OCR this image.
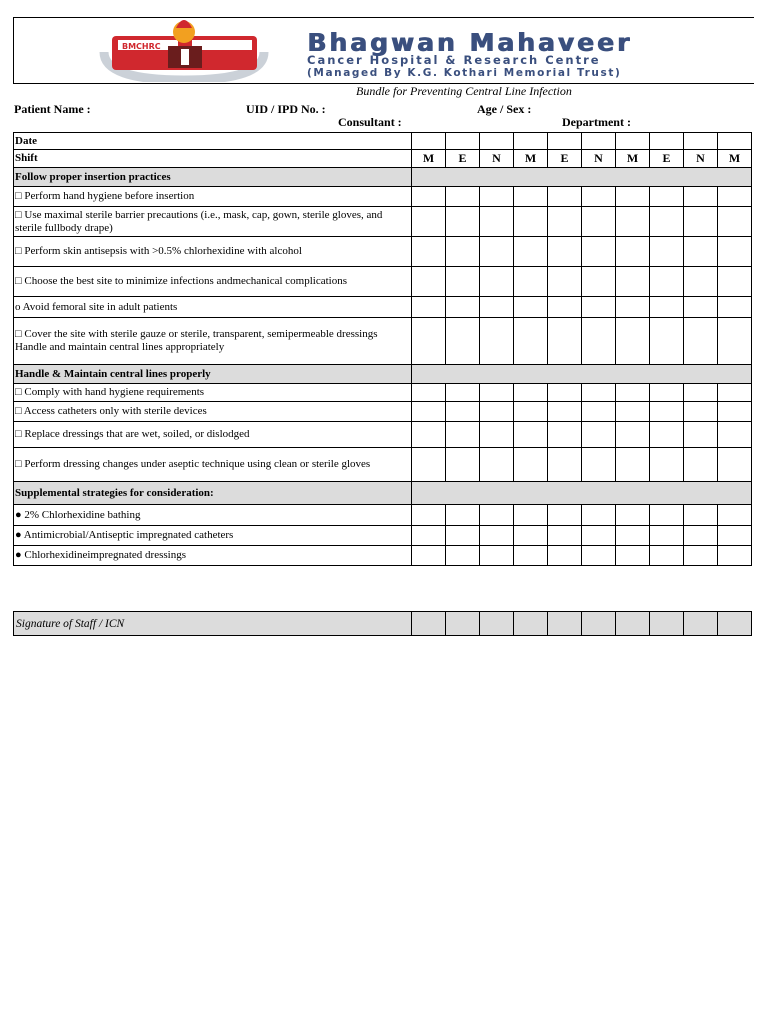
BMCHRC	Bhagwan Mahaveer
Cancer Hospital & Research Centre
(Managed By K.G. Kothari Memorial Trust)
Bundle for Preventing Central Line Infection
Patient Name :	UID / IPD No. :	Age / Sex :
Consultant :	Department :
Date										
Shift	M	E	N	M	E	N	M	E	N	M
Follow proper insertion practices										
□ Perform hand hygiene before insertion										
□ Use maximal sterile barrier precautions (i.e., mask, cap, gown, sterile gloves, and sterile fullbody drape)										
□ Perform skin antisepsis with >0.5% chlorhexidine with alcohol										
□ Choose the best site to minimize infections andmechanical complications										
o Avoid femoral site in adult patients										
□ Cover the site with sterile gauze or sterile, transparent, semipermeable dressings Handle and maintain central lines appropriately										
Handle & Maintain central lines properly										
□ Comply with hand hygiene requirements										
□ Access catheters only with sterile devices										
□ Replace dressings that are wet, soiled, or dislodged										
□ Perform dressing changes under aseptic technique using clean or sterile gloves										
Supplemental strategies for consideration:										
● 2% Chlorhexidine bathing										
● Antimicrobial/Antiseptic impregnated catheters										
● Chlorhexidineimpregnated dressings										
Signature of Staff / ICN										
